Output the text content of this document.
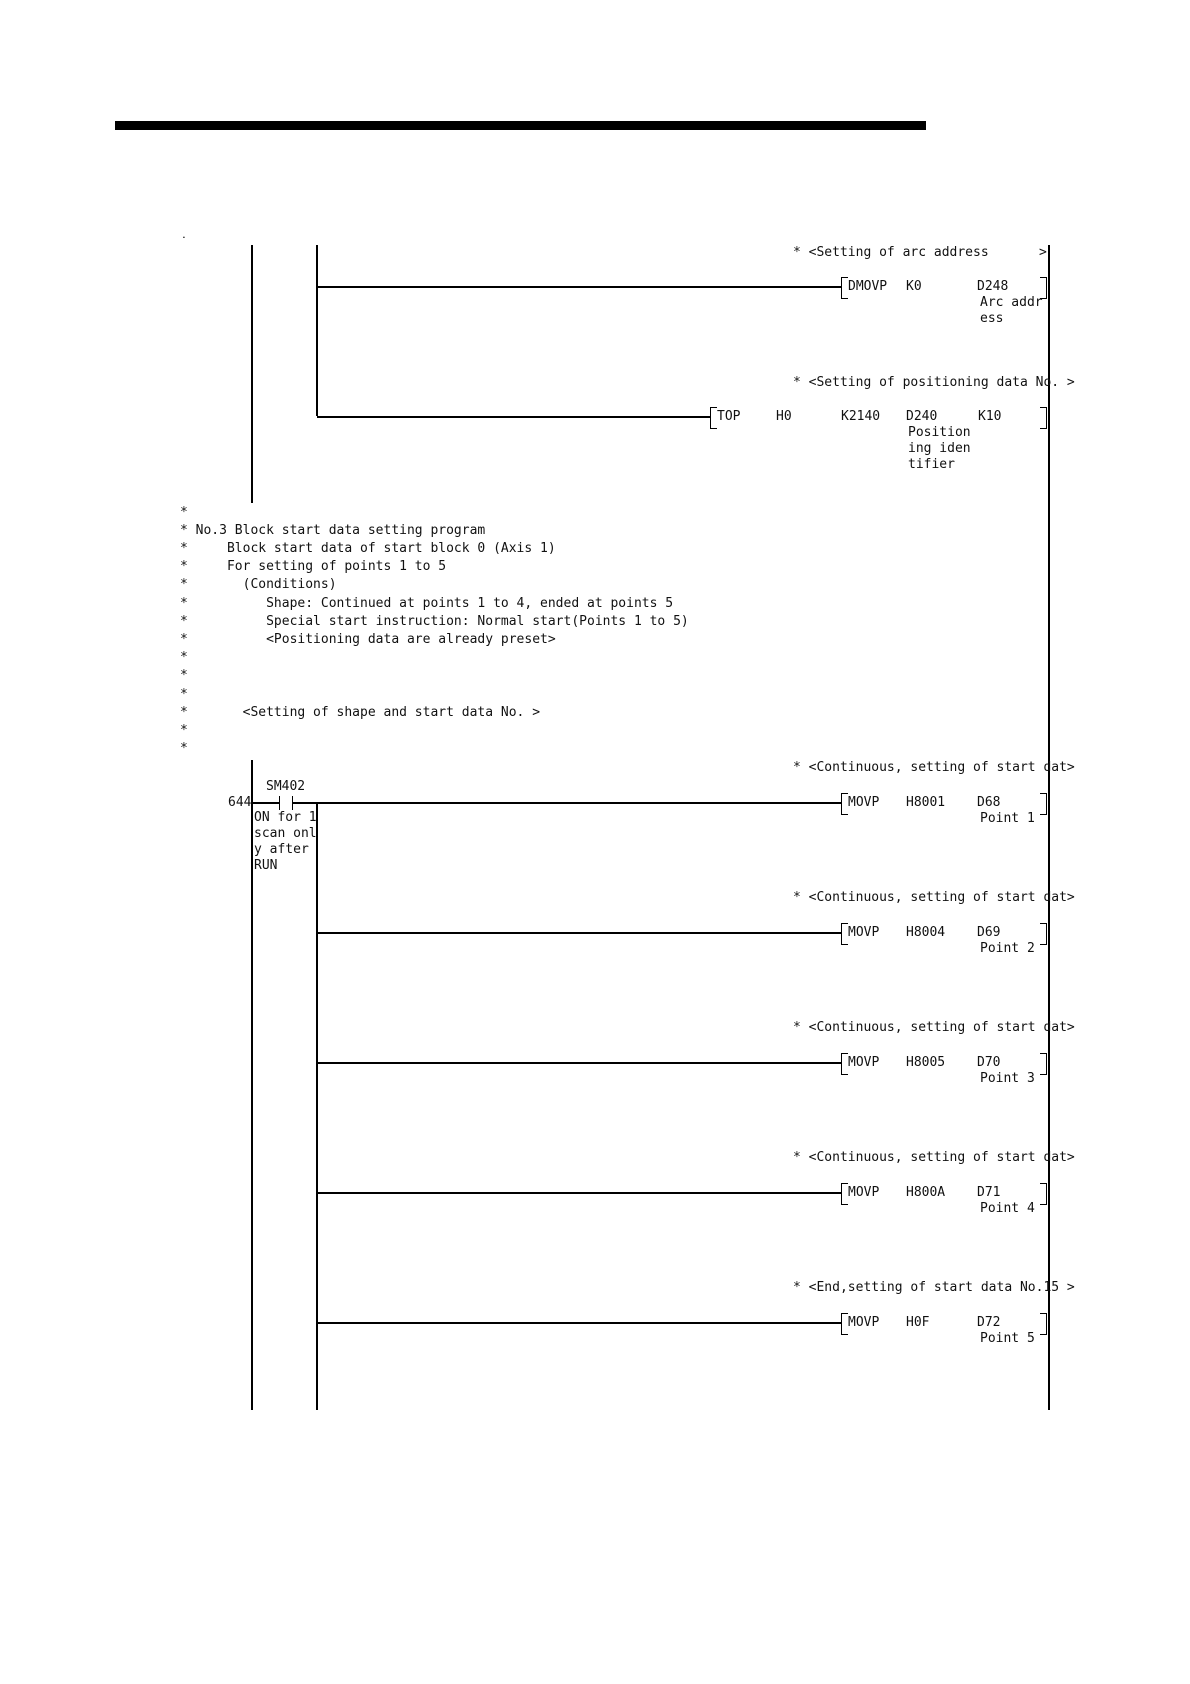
˙
* <Setting of arc address	>
DMOVP K0	D248
Arc addr
ess
* <Setting of positioning data No. >
TOP	H0	K2140 D240	K10
Position
ing iden
tifier
*
* No.3 Block start data setting program
*     Block start data of start block 0 (Axis 1)
*     For setting of points 1 to 5
*       (Conditions)
*          Shape: Continued at points 1 to 4, ended at points 5
*          Special start instruction: Normal start(Points 1 to 5)
*          <Positioning data are already preset>
*
*
*
*       <Setting of shape and start data No. >
*
*
644
SM402
ON for 1
scan onl
y after
RUN
* <Continuous, setting of start dat>
MOVP H8001 D68
Point 1
* <Continuous, setting of start dat>
MOVP H8004 D69
Point 2
* <Continuous, setting of start dat>
MOVP H8005 D70
Point 3
* <Continuous, setting of start dat>
MOVP H800A D71
Point 4
* <End,setting of start data No.15 >
MOVP H0F	D72
Point 5
